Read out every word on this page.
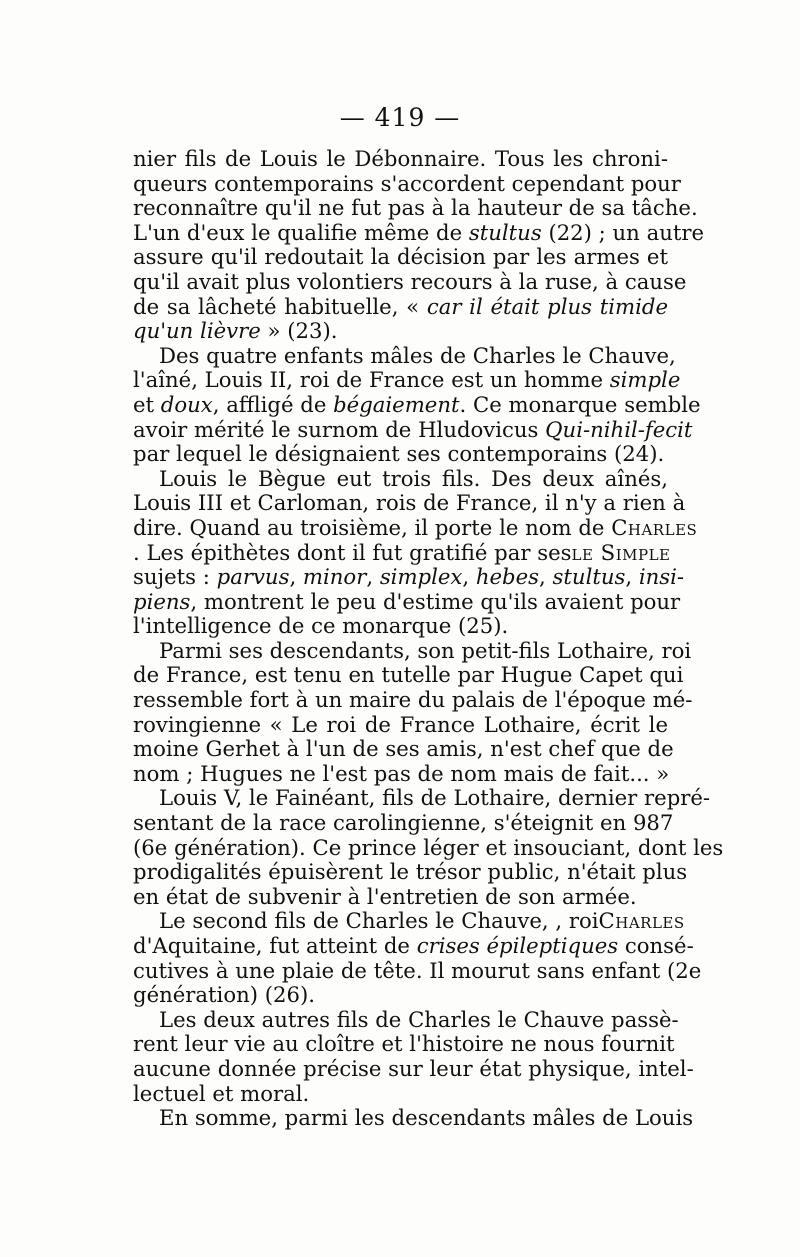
— 419 —
nier fils de Louis le Débonnaire. Tous les chroni-
queurs contemporains s'accordent cependant pour
reconnaître qu'il ne fut pas à la hauteur de sa tâche.
L'un d'eux le qualifie même de stultus (22) ; un autre
assure qu'il redoutait la décision par les armes et
qu'il avait plus volontiers recours à la ruse, à cause
de sa lâcheté habituelle, « car il était plus timide
qu'un lièvre » (23).
Des quatre enfants mâles de Charles le Chauve,
l'aîné, Louis II, roi de France est un homme simple
et doux, affligé de bégaiement. Ce monarque semble
avoir mérité le surnom de Hludovicus Qui-nihil-fecit
par lequel le désignaient ses contemporains (24).
Louis le Bègue eut trois fils. Des deux aînés,
Louis III et Carloman, rois de France, il n'y a rien à
dire. Quand au troisième, il porte le nom de Charles
. Les épithètes dont il fut gratifié par sesle Simple
sujets : parvus, minor, simplex, hebes, stultus, insi-
piens, montrent le peu d'estime qu'ils avaient pour
l'intelligence de ce monarque (25).
Parmi ses descendants, son petit-fils Lothaire, roi
de France, est tenu en tutelle par Hugue Capet qui
ressemble fort à un maire du palais de l'époque mé-
rovingienne « Le roi de France Lothaire, écrit le
moine Gerhet à l'un de ses amis, n'est chef que de
nom ; Hugues ne l'est pas de nom mais de fait... »
Louis V, le Fainéant, fils de Lothaire, dernier repré-
sentant de la race carolingienne, s'éteignit en 987
(6e génération). Ce prince léger et insouciant, dont les
prodigalités épuisèrent le trésor public, n'était plus
en état de subvenir à l'entretien de son armée.
Le second fils de Charles le Chauve, , roiCharles
d'Aquitaine, fut atteint de crises épileptiques consé-
cutives à une plaie de tête. Il mourut sans enfant (2e
génération) (26).
Les deux autres fils de Charles le Chauve passè-
rent leur vie au cloître et l'histoire ne nous fournit
aucune donnée précise sur leur état physique, intel-
lectuel et moral.
En somme, parmi les descendants mâles de Louis
